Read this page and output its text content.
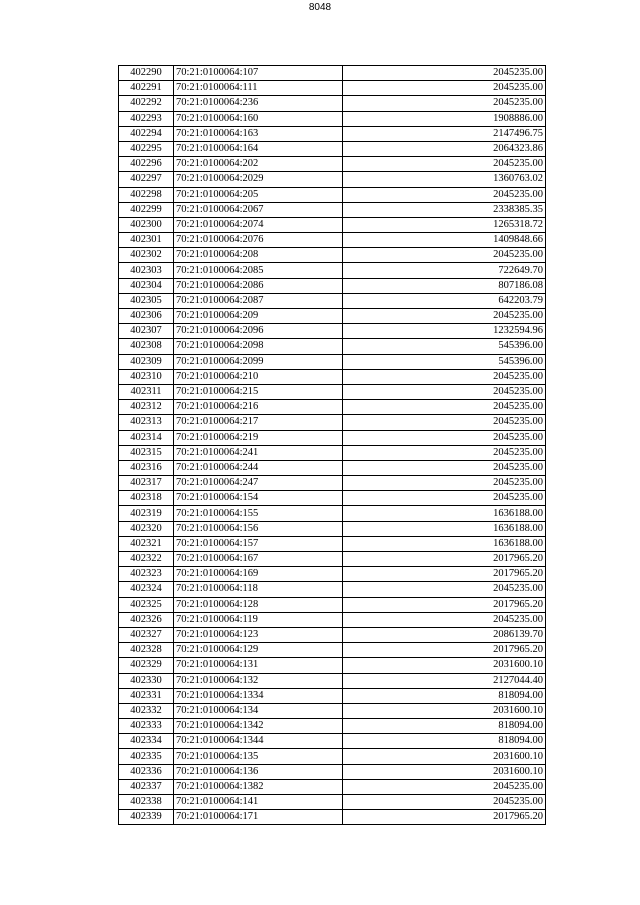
8048
402290	70:21:0100064:107	2045235.00
402291	70:21:0100064:111	2045235.00
402292	70:21:0100064:236	2045235.00
402293	70:21:0100064:160	1908886.00
402294	70:21:0100064:163	2147496.75
402295	70:21:0100064:164	2064323.86
402296	70:21:0100064:202	2045235.00
402297	70:21:0100064:2029	1360763.02
402298	70:21:0100064:205	2045235.00
402299	70:21:0100064:2067	2338385.35
402300	70:21:0100064:2074	1265318.72
402301	70:21:0100064:2076	1409848.66
402302	70:21:0100064:208	2045235.00
402303	70:21:0100064:2085	722649.70
402304	70:21:0100064:2086	807186.08
402305	70:21:0100064:2087	642203.79
402306	70:21:0100064:209	2045235.00
402307	70:21:0100064:2096	1232594.96
402308	70:21:0100064:2098	545396.00
402309	70:21:0100064:2099	545396.00
402310	70:21:0100064:210	2045235.00
402311	70:21:0100064:215	2045235.00
402312	70:21:0100064:216	2045235.00
402313	70:21:0100064:217	2045235.00
402314	70:21:0100064:219	2045235.00
402315	70:21:0100064:241	2045235.00
402316	70:21:0100064:244	2045235.00
402317	70:21:0100064:247	2045235.00
402318	70:21:0100064:154	2045235.00
402319	70:21:0100064:155	1636188.00
402320	70:21:0100064:156	1636188.00
402321	70:21:0100064:157	1636188.00
402322	70:21:0100064:167	2017965.20
402323	70:21:0100064:169	2017965.20
402324	70:21:0100064:118	2045235.00
402325	70:21:0100064:128	2017965.20
402326	70:21:0100064:119	2045235.00
402327	70:21:0100064:123	2086139.70
402328	70:21:0100064:129	2017965.20
402329	70:21:0100064:131	2031600.10
402330	70:21:0100064:132	2127044.40
402331	70:21:0100064:1334	818094.00
402332	70:21:0100064:134	2031600.10
402333	70:21:0100064:1342	818094.00
402334	70:21:0100064:1344	818094.00
402335	70:21:0100064:135	2031600.10
402336	70:21:0100064:136	2031600.10
402337	70:21:0100064:1382	2045235.00
402338	70:21:0100064:141	2045235.00
402339	70:21:0100064:171	2017965.20
